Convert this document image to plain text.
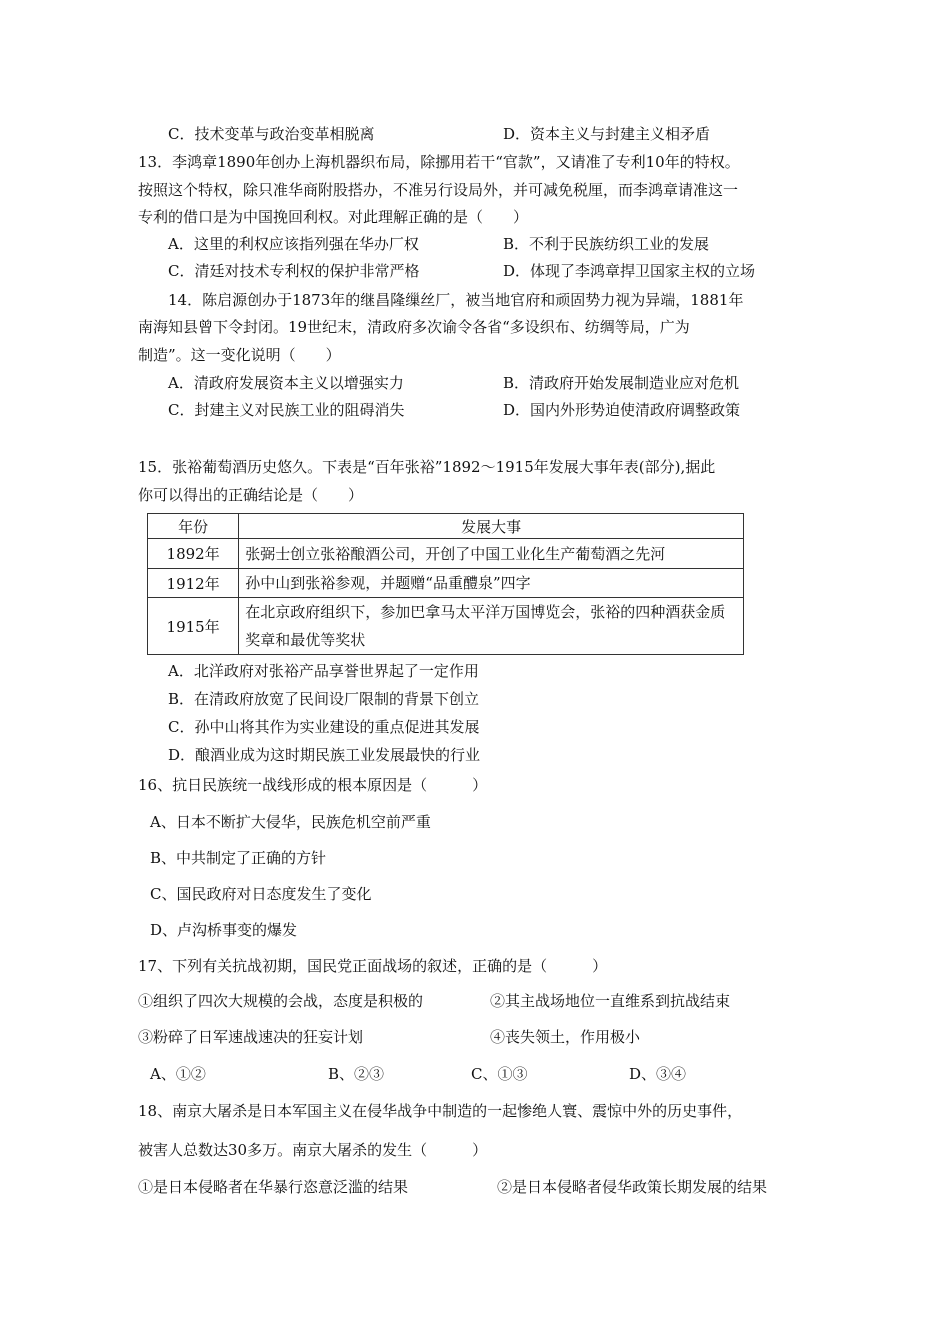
C．技术变革与政治变革相脱离	D．资本主义与封建主义相矛盾
13．李鸿章1890年创办上海机器织布局，除挪用若干“官款”，又请准了专利10年的特权。
按照这个特权，除只准华商附股搭办，不准另行设局外，并可减免税厘，而李鸿章请准这一
专利的借口是为中国挽回利权。对此理解正确的是（　　）
A．这里的利权应该指列强在华办厂权	B．不利于民族纺织工业的发展
C．清廷对技术专利权的保护非常严格	D．体现了李鸿章捍卫国家主权的立场
14．陈启源创办于1873年的继昌隆缫丝厂，被当地官府和顽固势力视为异端，1881年
南海知县曾下令封闭。19世纪末，清政府多次谕令各省“多设织布、纺绸等局，广为
制造”。这一变化说明（　　）
A．清政府发展资本主义以增强实力	B．清政府开始发展制造业应对危机
C．封建主义对民族工业的阻碍消失	D．国内外形势迫使清政府调整政策
15．张裕葡萄酒历史悠久。下表是“百年张裕”1892～1915年发展大事年表(部分),据此
你可以得出的正确结论是（　　）
年份	发展大事
1892年	张弼士创立张裕酿酒公司，开创了中国工业化生产葡萄酒之先河
1912年	孙中山到张裕参观，并题赠“品重醴泉”四字
1915年	在北京政府组织下，参加巴拿马太平洋万国博览会，张裕的四种酒获金质奖章和最优等奖状
A．北洋政府对张裕产品享誉世界起了一定作用
B．在清政府放宽了民间设厂限制的背景下创立
C．孙中山将其作为实业建设的重点促进其发展
D．酿酒业成为这时期民族工业发展最快的行业
16、抗日民族统一战线形成的根本原因是（　　　）
A、日本不断扩大侵华，民族危机空前严重
B、中共制定了正确的方针
C、国民政府对日态度发生了变化
D、卢沟桥事变的爆发
17、下列有关抗战初期，国民党正面战场的叙述，正确的是（　　　）
①组织了四次大规模的会战，态度是积极的	②其主战场地位一直维系到抗战结束
③粉碎了日军速战速决的狂妄计划	④丧失领土，作用极小
A、①②	B、②③	C、①③	D、③④
18、南京大屠杀是日本军国主义在侵华战争中制造的一起惨绝人寰、震惊中外的历史事件，
被害人总数达30多万。南京大屠杀的发生（　　　）
①是日本侵略者在华暴行恣意泛滥的结果	②是日本侵略者侵华政策长期发展的结果
